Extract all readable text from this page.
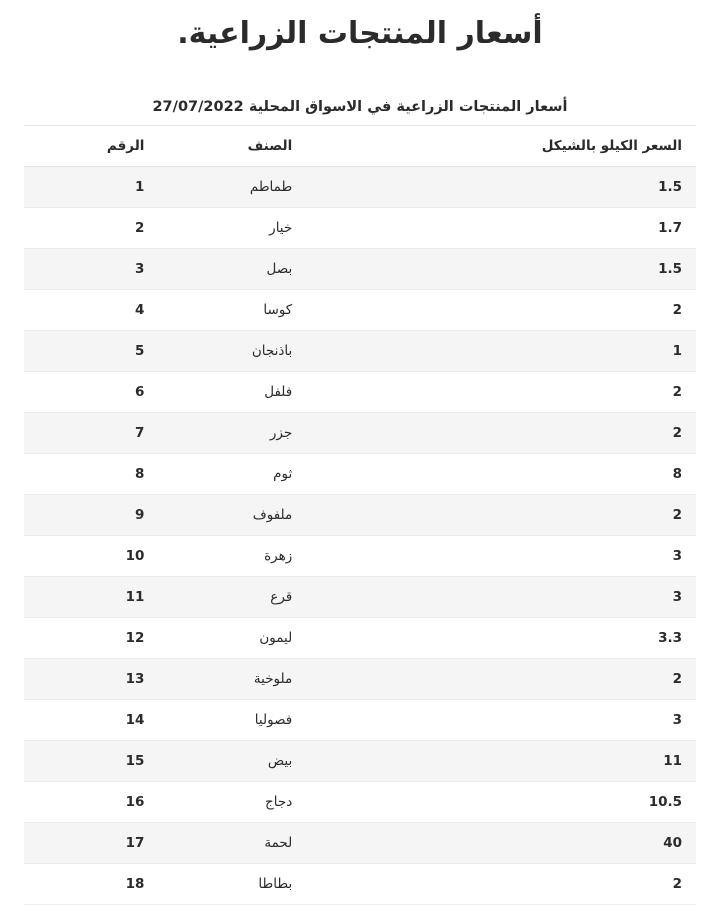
أسعار المنتجات الزراعية.
أسعار المنتجات الزراعية في الاسواق المحلية 27/07/2022
السعر الكيلو بالشيكل	الصنف	الرقم
1.5	طماطم	1
1.7	خيار	2
1.5	بصل	3
2	كوسا	4
1	باذنجان	5
2	فلفل	6
2	جزر	7
8	ثوم	8
2	ملفوف	9
3	زهرة	10
3	قرع	11
3.3	ليمون	12
2	ملوخية	13
3	فصوليا	14
11	بيض	15
10.5	دجاج	16
40	لحمة	17
2	بطاطا	18
